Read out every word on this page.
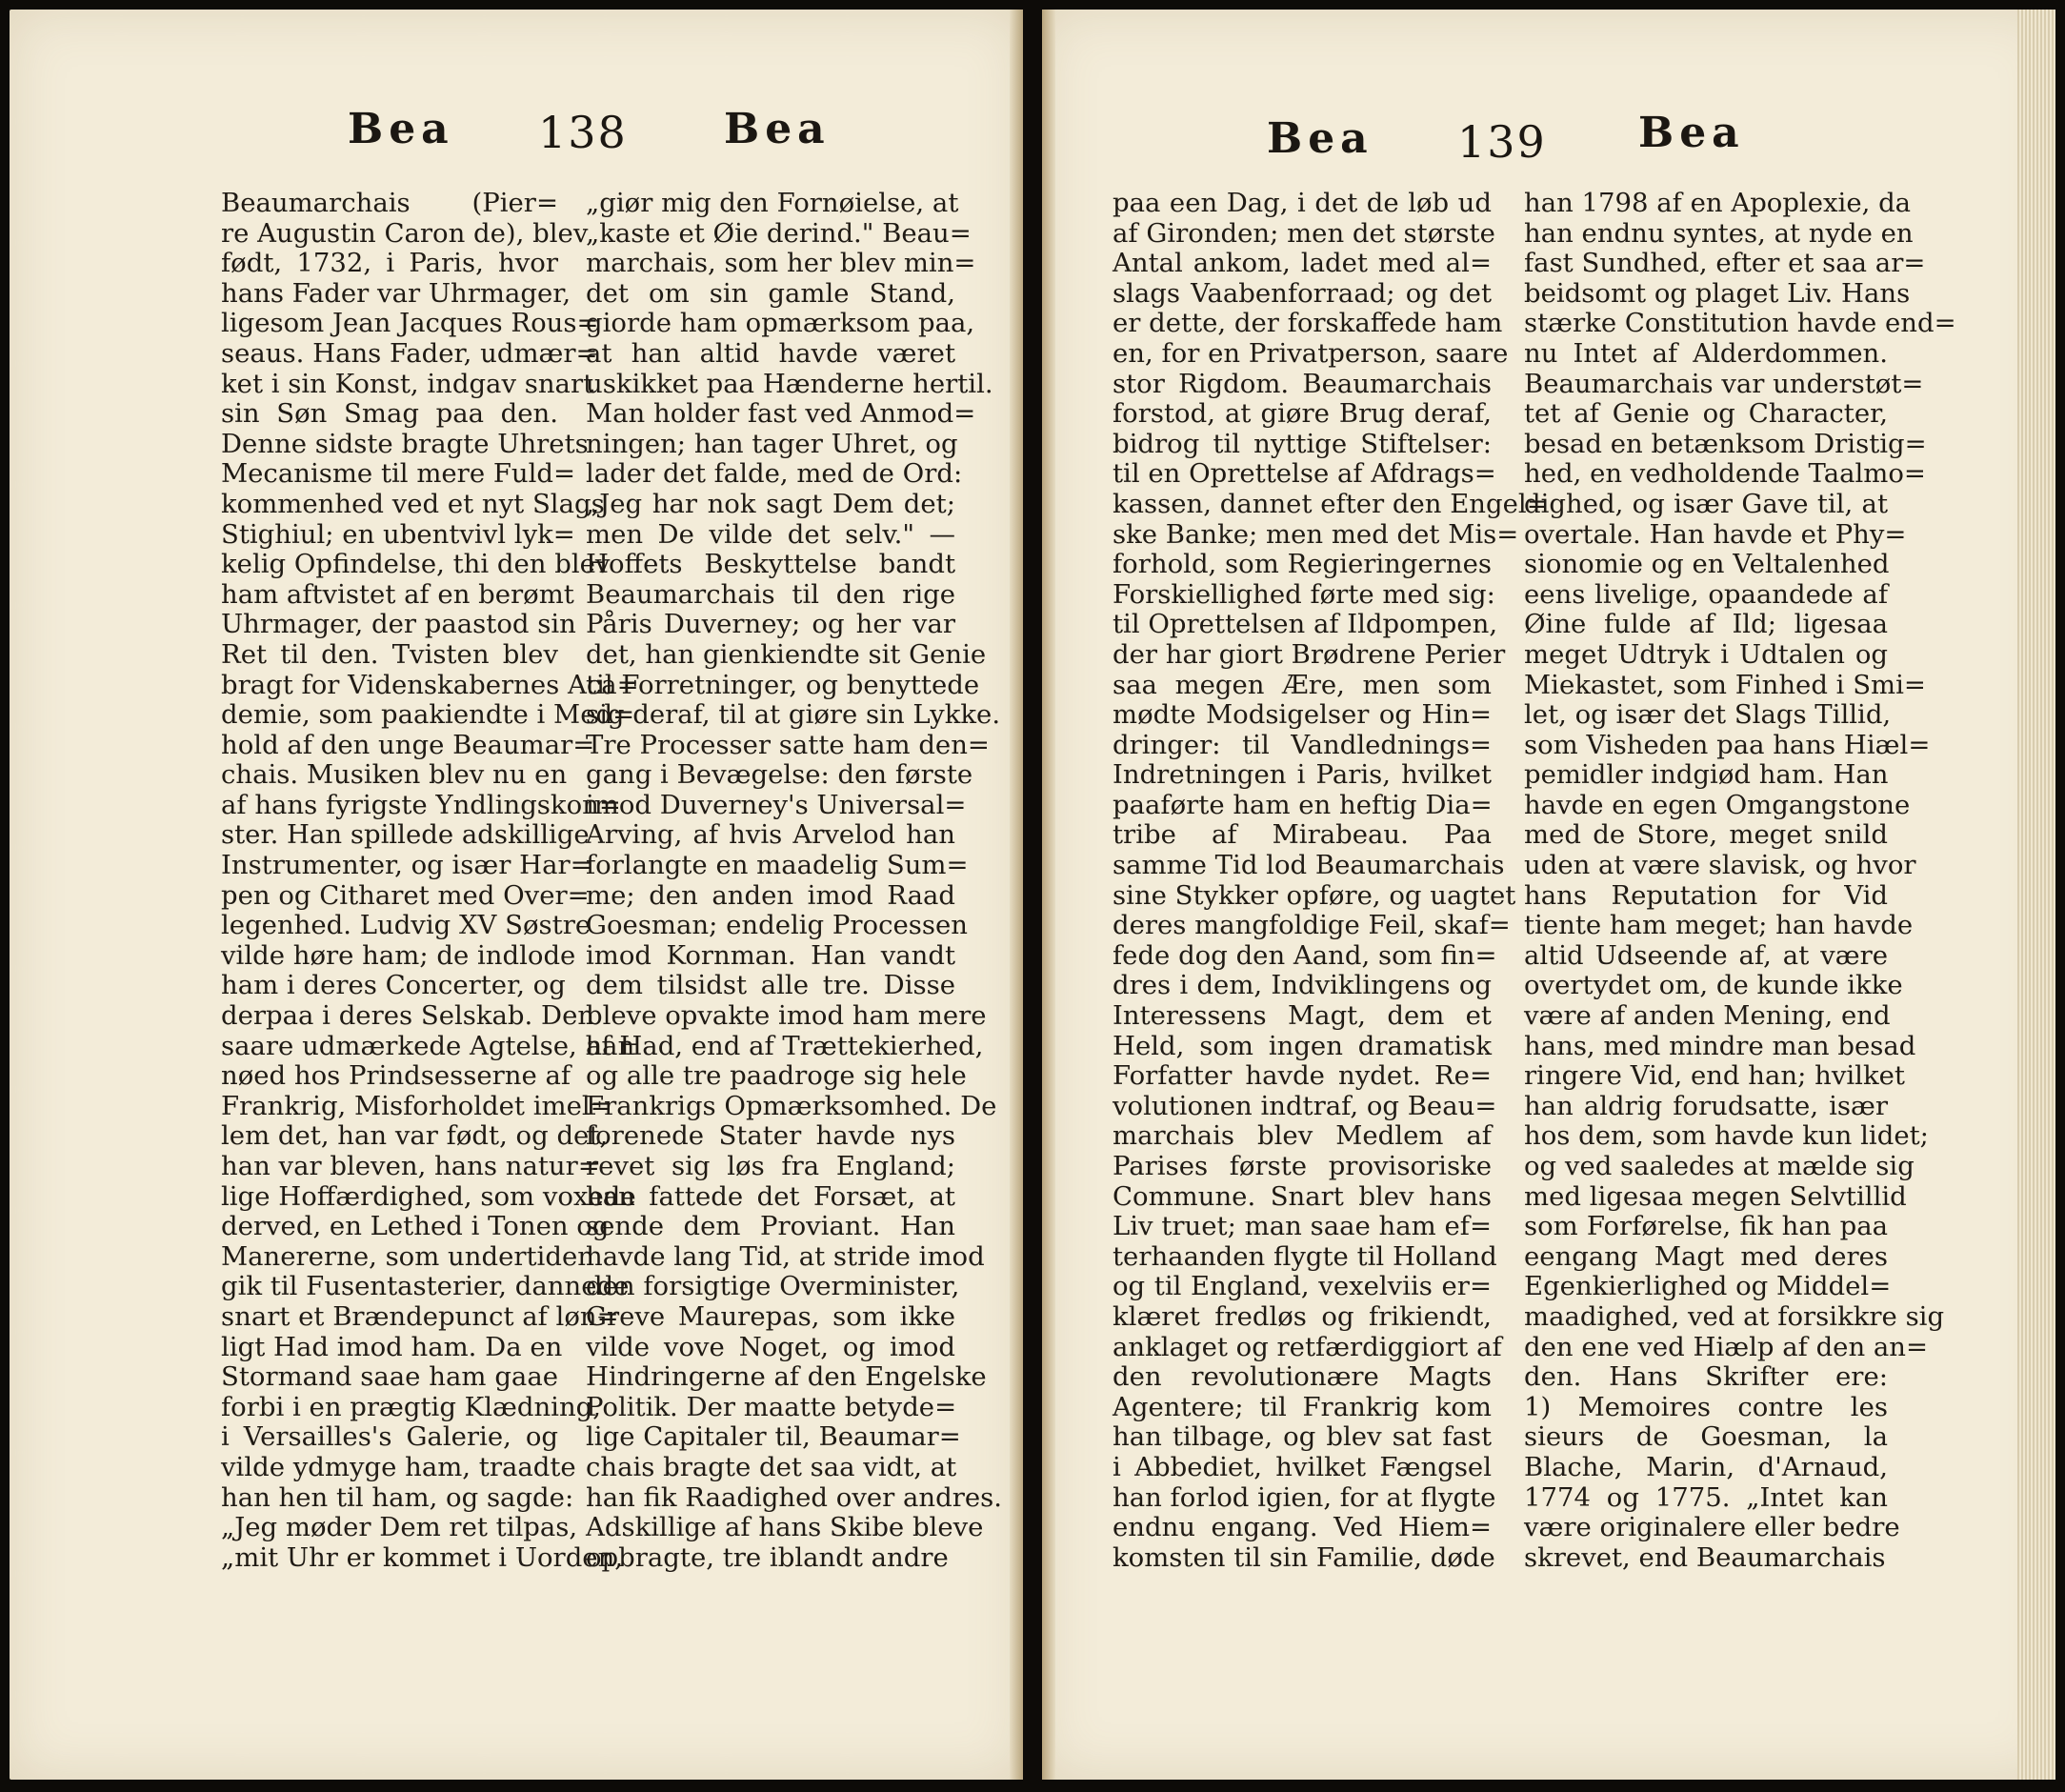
Bea 138 Bea	Bea 139 Bea
Beaumarchais (Pier=
re Augustin Caron de), blev
født, 1732, i Paris, hvor
hans Fader var Uhrmager,
ligesom Jean Jacques Rous=
seaus. Hans Fader, udmær=
ket i sin Konst, indgav snart
sin Søn Smag paa den.
Denne sidste bragte Uhrets
Mecanisme til mere Fuld=
kommenhed ved et nyt Slags
Stighiul; en ubentvivl lyk=
kelig Opfindelse, thi den blev
ham aftvistet af en berømt
Uhrmager, der paastod sin
Ret til den. Tvisten blev
bragt for Videnskabernes Aca=
demie, som paakiendte i Med=
hold af den unge Beaumar=
chais. Musiken blev nu en
af hans fyrigste Yndlingskon=
ster. Han spillede adskillige
Instrumenter, og især Har=
pen og Citharet med Over=
legenhed. Ludvig XV Søstre
vilde høre ham; de indlode
ham i deres Concerter, og
derpaa i deres Selskab. Den
saare udmærkede Agtelse, han
nøed hos Prindsesserne af
Frankrig, Misforholdet imel=
lem det, han var født, og det,
han var bleven, hans natur=
lige Hoffærdighed, som voxede
derved, en Lethed i Tonen og
Manererne, som undertiden
gik til Fusentasterier, dannede
snart et Brændepunct af løn=
ligt Had imod ham. Da en
Stormand saae ham gaae
forbi i en prægtig Klædning,
i Versailles's Galerie, og
vilde ydmyge ham, traadte
han hen til ham, og sagde:
„Jeg møder Dem ret tilpas,
„mit Uhr er kommet i Uorden,
„giør mig den Fornøielse, at
„kaste et Øie derind." Beau=
marchais, som her blev min=
det om sin gamle Stand,
giorde ham opmærksom paa,
at han altid havde været
uskikket paa Hænderne hertil.
Man holder fast ved Anmod=
ningen; han tager Uhret, og
lader det falde, med de Ord:
„Jeg har nok sagt Dem det;
men De vilde det selv." —
Hoffets Beskyttelse bandt
Beaumarchais til den rige
Påris Duverney; og her var
det, han gienkiendte sit Genie
til Forretninger, og benyttede
sig deraf, til at giøre sin Lykke.
Tre Processer satte ham den=
gang i Bevægelse: den første
imod Duverney's Universal=
Arving, af hvis Arvelod han
forlangte en maadelig Sum=
me; den anden imod Raad
Goesman; endelig Processen
imod Kornman. Han vandt
dem tilsidst alle tre. Disse
bleve opvakte imod ham mere
af Had, end af Trættekierhed,
og alle tre paadroge sig hele
Frankrigs Opmærksomhed. De
forenede Stater havde nys
revet sig løs fra England;
han fattede det Forsæt, at
sende dem Proviant. Han
havde lang Tid, at stride imod
den forsigtige Overminister,
Greve Maurepas, som ikke
vilde vove Noget, og imod
Hindringerne af den Engelske
Politik. Der maatte betyde=
lige Capitaler til, Beaumar=
chais bragte det saa vidt, at
han fik Raadighed over andres.
Adskillige af hans Skibe bleve
opbragte, tre iblandt andre
paa een Dag, i det de løb ud
af Gironden; men det største
Antal ankom, ladet med al=
slags Vaabenforraad; og det
er dette, der forskaffede ham
en, for en Privatperson, saare
stor Rigdom. Beaumarchais
forstod, at giøre Brug deraf,
bidrog til nyttige Stiftelser:
til en Oprettelse af Afdrags=
kassen, dannet efter den Engel=
ske Banke; men med det Mis=
forhold, som Regieringernes
Forskiellighed førte med sig:
til Oprettelsen af Ildpompen,
der har giort Brødrene Perier
saa megen Ære, men som
mødte Modsigelser og Hin=
dringer: til Vandlednings=
Indretningen i Paris, hvilket
paaførte ham en heftig Dia=
tribe af Mirabeau. Paa
samme Tid lod Beaumarchais
sine Stykker opføre, og uagtet
deres mangfoldige Feil, skaf=
fede dog den Aand, som fin=
dres i dem, Indviklingens og
Interessens Magt, dem et
Held, som ingen dramatisk
Forfatter havde nydet. Re=
volutionen indtraf, og Beau=
marchais blev Medlem af
Parises første provisoriske
Commune. Snart blev hans
Liv truet; man saae ham ef=
terhaanden flygte til Holland
og til England, vexelviis er=
klæret fredløs og frikiendt,
anklaget og retfærdiggiort af
den revolutionære Magts
Agentere; til Frankrig kom
han tilbage, og blev sat fast
i Abbediet, hvilket Fængsel
han forlod igien, for at flygte
endnu engang. Ved Hiem=
komsten til sin Familie, døde
han 1798 af en Apoplexie, da
han endnu syntes, at nyde en
fast Sundhed, efter et saa ar=
beidsomt og plaget Liv. Hans
stærke Constitution havde end=
nu Intet af Alderdommen.
Beaumarchais var understøt=
tet af Genie og Character,
besad en betænksom Dristig=
hed, en vedholdende Taalmo=
dighed, og især Gave til, at
overtale. Han havde et Phy=
sionomie og en Veltalenhed
eens livelige, opaandede af
Øine fulde af Ild; ligesaa
meget Udtryk i Udtalen og
Miekastet, som Finhed i Smi=
let, og især det Slags Tillid,
som Visheden paa hans Hiæl=
pemidler indgiød ham. Han
havde en egen Omgangstone
med de Store, meget snild
uden at være slavisk, og hvor
hans Reputation for Vid
tiente ham meget; han havde
altid Udseende af, at være
overtydet om, de kunde ikke
være af anden Mening, end
hans, med mindre man besad
ringere Vid, end han; hvilket
han aldrig forudsatte, især
hos dem, som havde kun lidet;
og ved saaledes at mælde sig
med ligesaa megen Selvtillid
som Forførelse, fik han paa
eengang Magt med deres
Egenkierlighed og Middel=
maadighed, ved at forsikkre sig
den ene ved Hiælp af den an=
den. Hans Skrifter ere:
1) Memoires contre les
sieurs de Goesman, la
Blache, Marin, d'Arnaud,
1774 og 1775. „Intet kan
være originalere eller bedre
skrevet, end Beaumarchais
